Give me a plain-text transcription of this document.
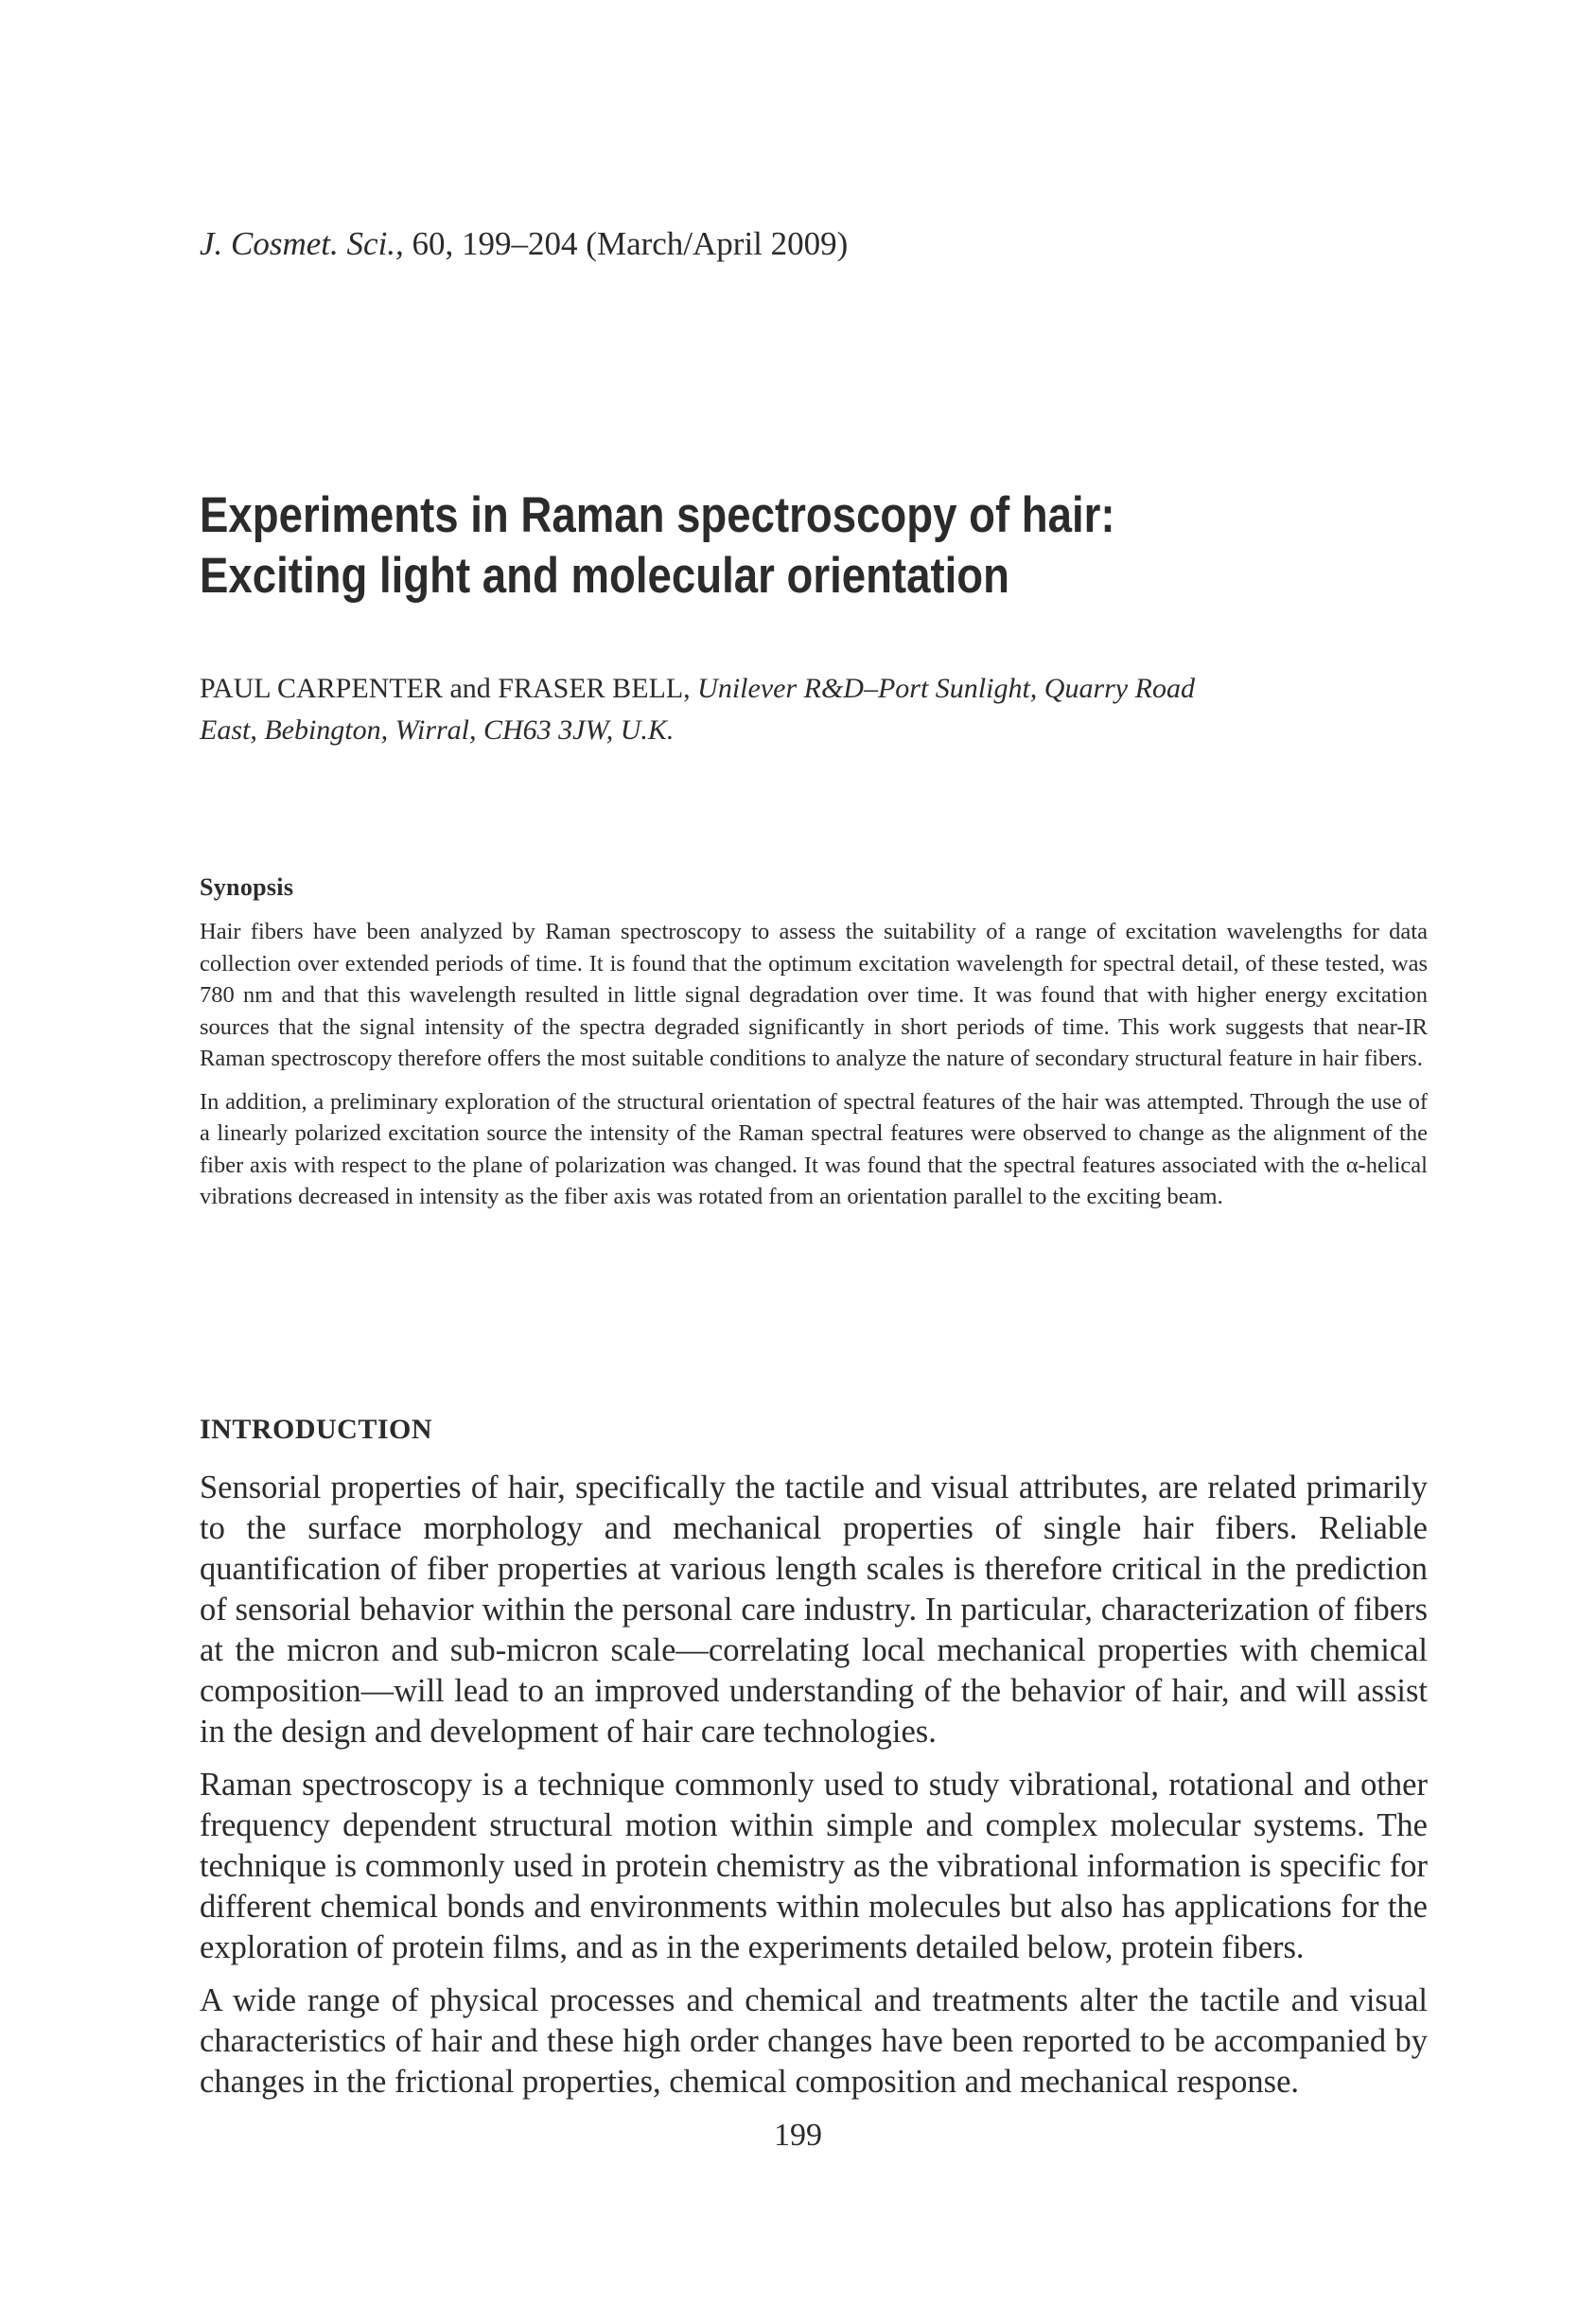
J. Cosmet. Sci., 60, 199–204 (March/April 2009)
Experiments in Raman spectroscopy of hair:
Exciting light and molecular orientation
PAUL CARPENTER and FRASER BELL, Unilever R&D–Port Sunlight, Quarry Road East, Bebington, Wirral, CH63 3JW, U.K.
Synopsis

Hair fibers have been analyzed by Raman spectroscopy to assess the suitability of a range of excitation wavelengths for data collection over extended periods of time. It is found that the optimum excitation wavelength for spectral detail, of these tested, was 780 nm and that this wavelength resulted in little signal degradation over time. It was found that with higher energy excitation sources that the signal intensity of the spectra degraded significantly in short periods of time. This work suggests that near-IR Raman spectroscopy therefore offers the most suitable conditions to analyze the nature of secondary structural feature in hair fibers.

In addition, a preliminary exploration of the structural orientation of spectral features of the hair was attempted. Through the use of a linearly polarized excitation source the intensity of the Raman spectral features were observed to change as the alignment of the fiber axis with respect to the plane of polarization was changed. It was found that the spectral features associated with the α-helical vibrations decreased in intensity as the fiber axis was rotated from an orientation parallel to the exciting beam.

INTRODUCTION

Sensorial properties of hair, specifically the tactile and visual attributes, are related primarily to the surface morphology and mechanical properties of single hair fibers. Reliable quantification of fiber properties at various length scales is therefore critical in the prediction of sensorial behavior within the personal care industry. In particular, characterization of fibers at the micron and sub-micron scale—correlating local mechanical properties with chemical composition—will lead to an improved understanding of the behavior of hair, and will assist in the design and development of hair care technologies.

Raman spectroscopy is a technique commonly used to study vibrational, rotational and other frequency dependent structural motion within simple and complex molecular systems. The technique is commonly used in protein chemistry as the vibrational information is specific for different chemical bonds and environments within molecules but also has applications for the exploration of protein films, and as in the experiments detailed below, protein fibers.

A wide range of physical processes and chemical and treatments alter the tactile and visual characteristics of hair and these high order changes have been reported to be accompanied by changes in the frictional properties, chemical composition and mechanical response.

199
